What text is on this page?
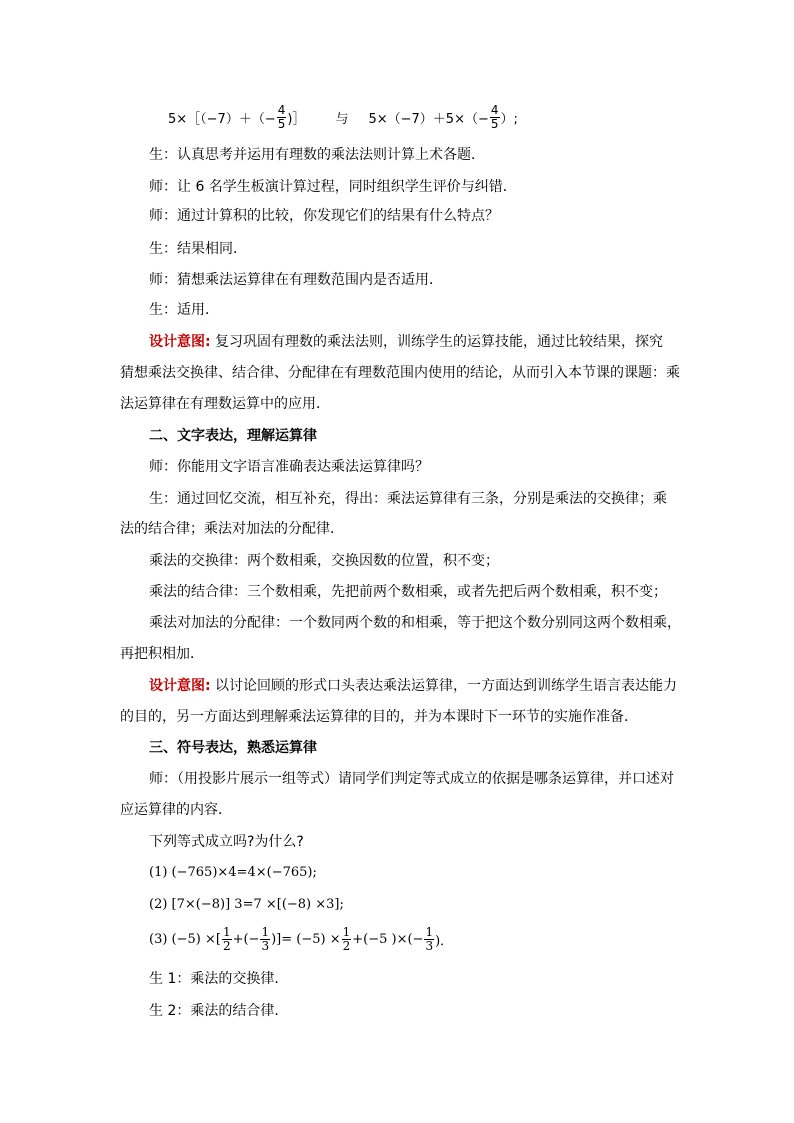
5×［（−7）＋（− $\frac{4}{5}$ )］ 与 $5\times(-7)+5\times(- \frac{4}{5}$ ）;
生：认真思考并运用有理数的乘法法则计算上术各题．
师：让 6 名学生板演计算过程，同时组织学生评价与纠错．
师：通过计算积的比较，你发现它们的结果有什么特点？
生：结果相同．
师：猜想乘法运算律在有理数范围内是否适用．
生：适用．
设计意图: 复习巩固有理数的乘法法则，训练学生的运算技能，通过比较结果，探究
猜想乘法交换律、结合律、分配律在有理数范围内使用的结论，从而引入本节课的课题：乘
法运算律在有理数运算中的应用．
二、文字表达，理解运算律
师：你能用文字语言准确表达乘法运算律吗？
生：通过回忆交流，相互补充，得出：乘法运算律有三条，分别是乘法的交换律；乘
法的结合律；乘法对加法的分配律．
乘法的交换律：两个数相乘，交换因数的位置，积不变；
乘法的结合律：三个数相乘，先把前两个数相乘，或者先把后两个数相乘，积不变；
乘法对加法的分配律：一个数同两个数的和相乘，等于把这个数分别同这两个数相乘，
再把积相加．
设计意图: 以讨论回顾的形式口头表达乘法运算律，一方面达到训练学生语言表达能力
的目的，另一方面达到理解乘法运算律的目的，并为本课时下一环节的实施作准备．
三、符号表达，熟悉运算律
师：（用投影片展示一组等式）请同学们判定等式成立的依据是哪条运算律，并口述对
应运算律的内容．
下列等式成立吗?为什么?
(1) (−765)×4=4×(−765);
(2) [7×(−8)] 3=7 ×[(−8) ×3];
(3) (−5) ×[ $\frac{1}{2}$ +(− $\frac{1}{3}$ )]= $(-5) \times \frac{1}{2} +(-5$ )×(− $\frac{1}{3}$ )．
生 1：乘法的交换律．
生 2：乘法的结合律．
